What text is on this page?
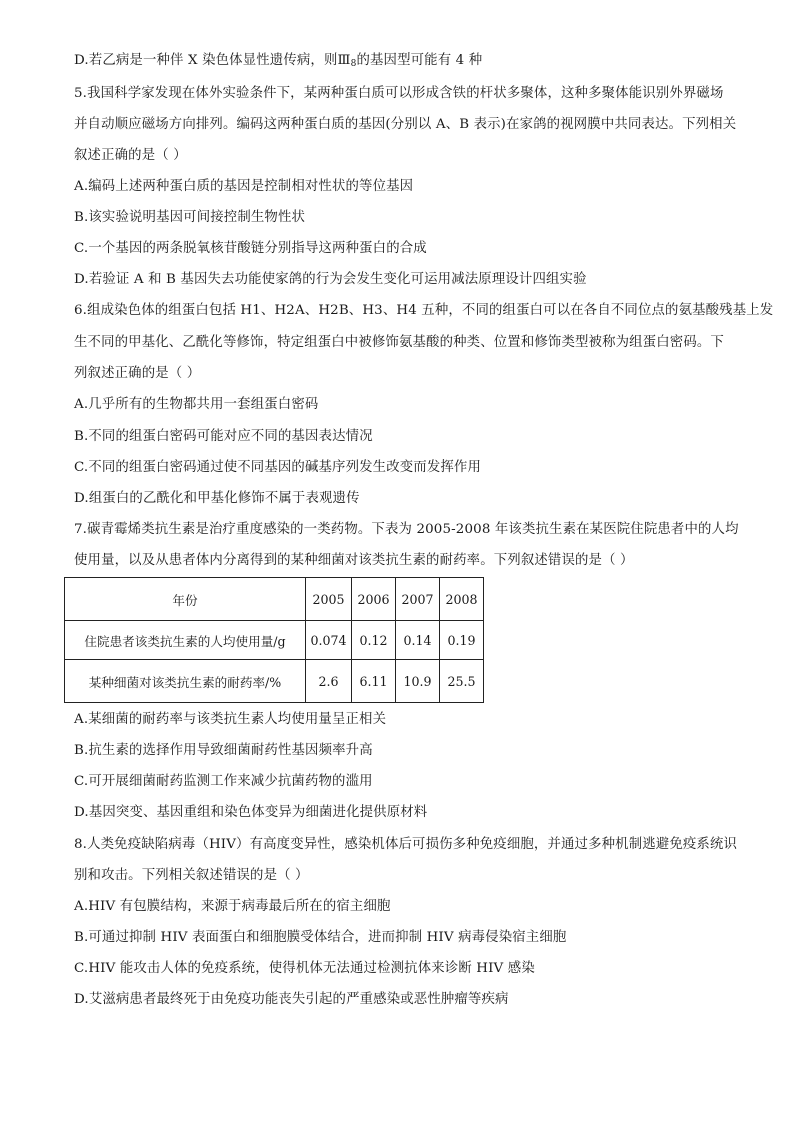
D.若乙病是一种伴 X 染色体显性遗传病，则$Ⅲ_8$的基因型可能有 4 种
5.我国科学家发现在体外实验条件下，某两种蛋白质可以形成含铁的杆状多聚体，这种多聚体能识别外界磁场
并自动顺应磁场方向排列。编码这两种蛋白质的基因(分别以 A、B 表示)在家鸽的视网膜中共同表达。下列相关
叙述正确的是（ ）
A.编码上述两种蛋白质的基因是控制相对性状的等位基因
B.该实验说明基因可间接控制生物性状
C.一个基因的两条脱氧核苷酸链分别指导这两种蛋白的合成
D.若验证 A 和 B 基因失去功能使家鸽的行为会发生变化可运用减法原理设计四组实验
6.组成染色体的组蛋白包括 H1、H2A、H2B、H3、H4 五种，不同的组蛋白可以在各自不同位点的氨基酸残基上发
生不同的甲基化、乙酰化等修饰，特定组蛋白中被修饰氨基酸的种类、位置和修饰类型被称为组蛋白密码。下
列叙述正确的是（ ）
A.几乎所有的生物都共用一套组蛋白密码
B.不同的组蛋白密码可能对应不同的基因表达情况
C.不同的组蛋白密码通过使不同基因的碱基序列发生改变而发挥作用
D.组蛋白的乙酰化和甲基化修饰不属于表观遗传
7.碳青霉烯类抗生素是治疗重度感染的一类药物。下表为 2005-2008 年该类抗生素在某医院住院患者中的人均
使用量，以及从患者体内分离得到的某种细菌对该类抗生素的耐药率。下列叙述错误的是（ ）
年份	2005	2006	2007	2008
住院患者该类抗生素的人均使用量/g	0.074	0.12	0.14	0.19
某种细菌对该类抗生素的耐药率/%	2.6	6.11	10.9	25.5
A.某细菌的耐药率与该类抗生素人均使用量呈正相关
B.抗生素的选择作用导致细菌耐药性基因频率升高
C.可开展细菌耐药监测工作来减少抗菌药物的滥用
D.基因突变、基因重组和染色体变异为细菌进化提供原材料
8.人类免疫缺陷病毒（HIV）有高度变异性，感染机体后可损伤多种免疫细胞，并通过多种机制逃避免疫系统识
别和攻击。下列相关叙述错误的是（ ）
A.HIV 有包膜结构，来源于病毒最后所在的宿主细胞
B.可通过抑制 HIV 表面蛋白和细胞膜受体结合，进而抑制 HIV 病毒侵染宿主细胞
C.HIV 能攻击人体的免疫系统，使得机体无法通过检测抗体来诊断 HIV 感染
D.艾滋病患者最终死于由免疫功能丧失引起的严重感染或恶性肿瘤等疾病
